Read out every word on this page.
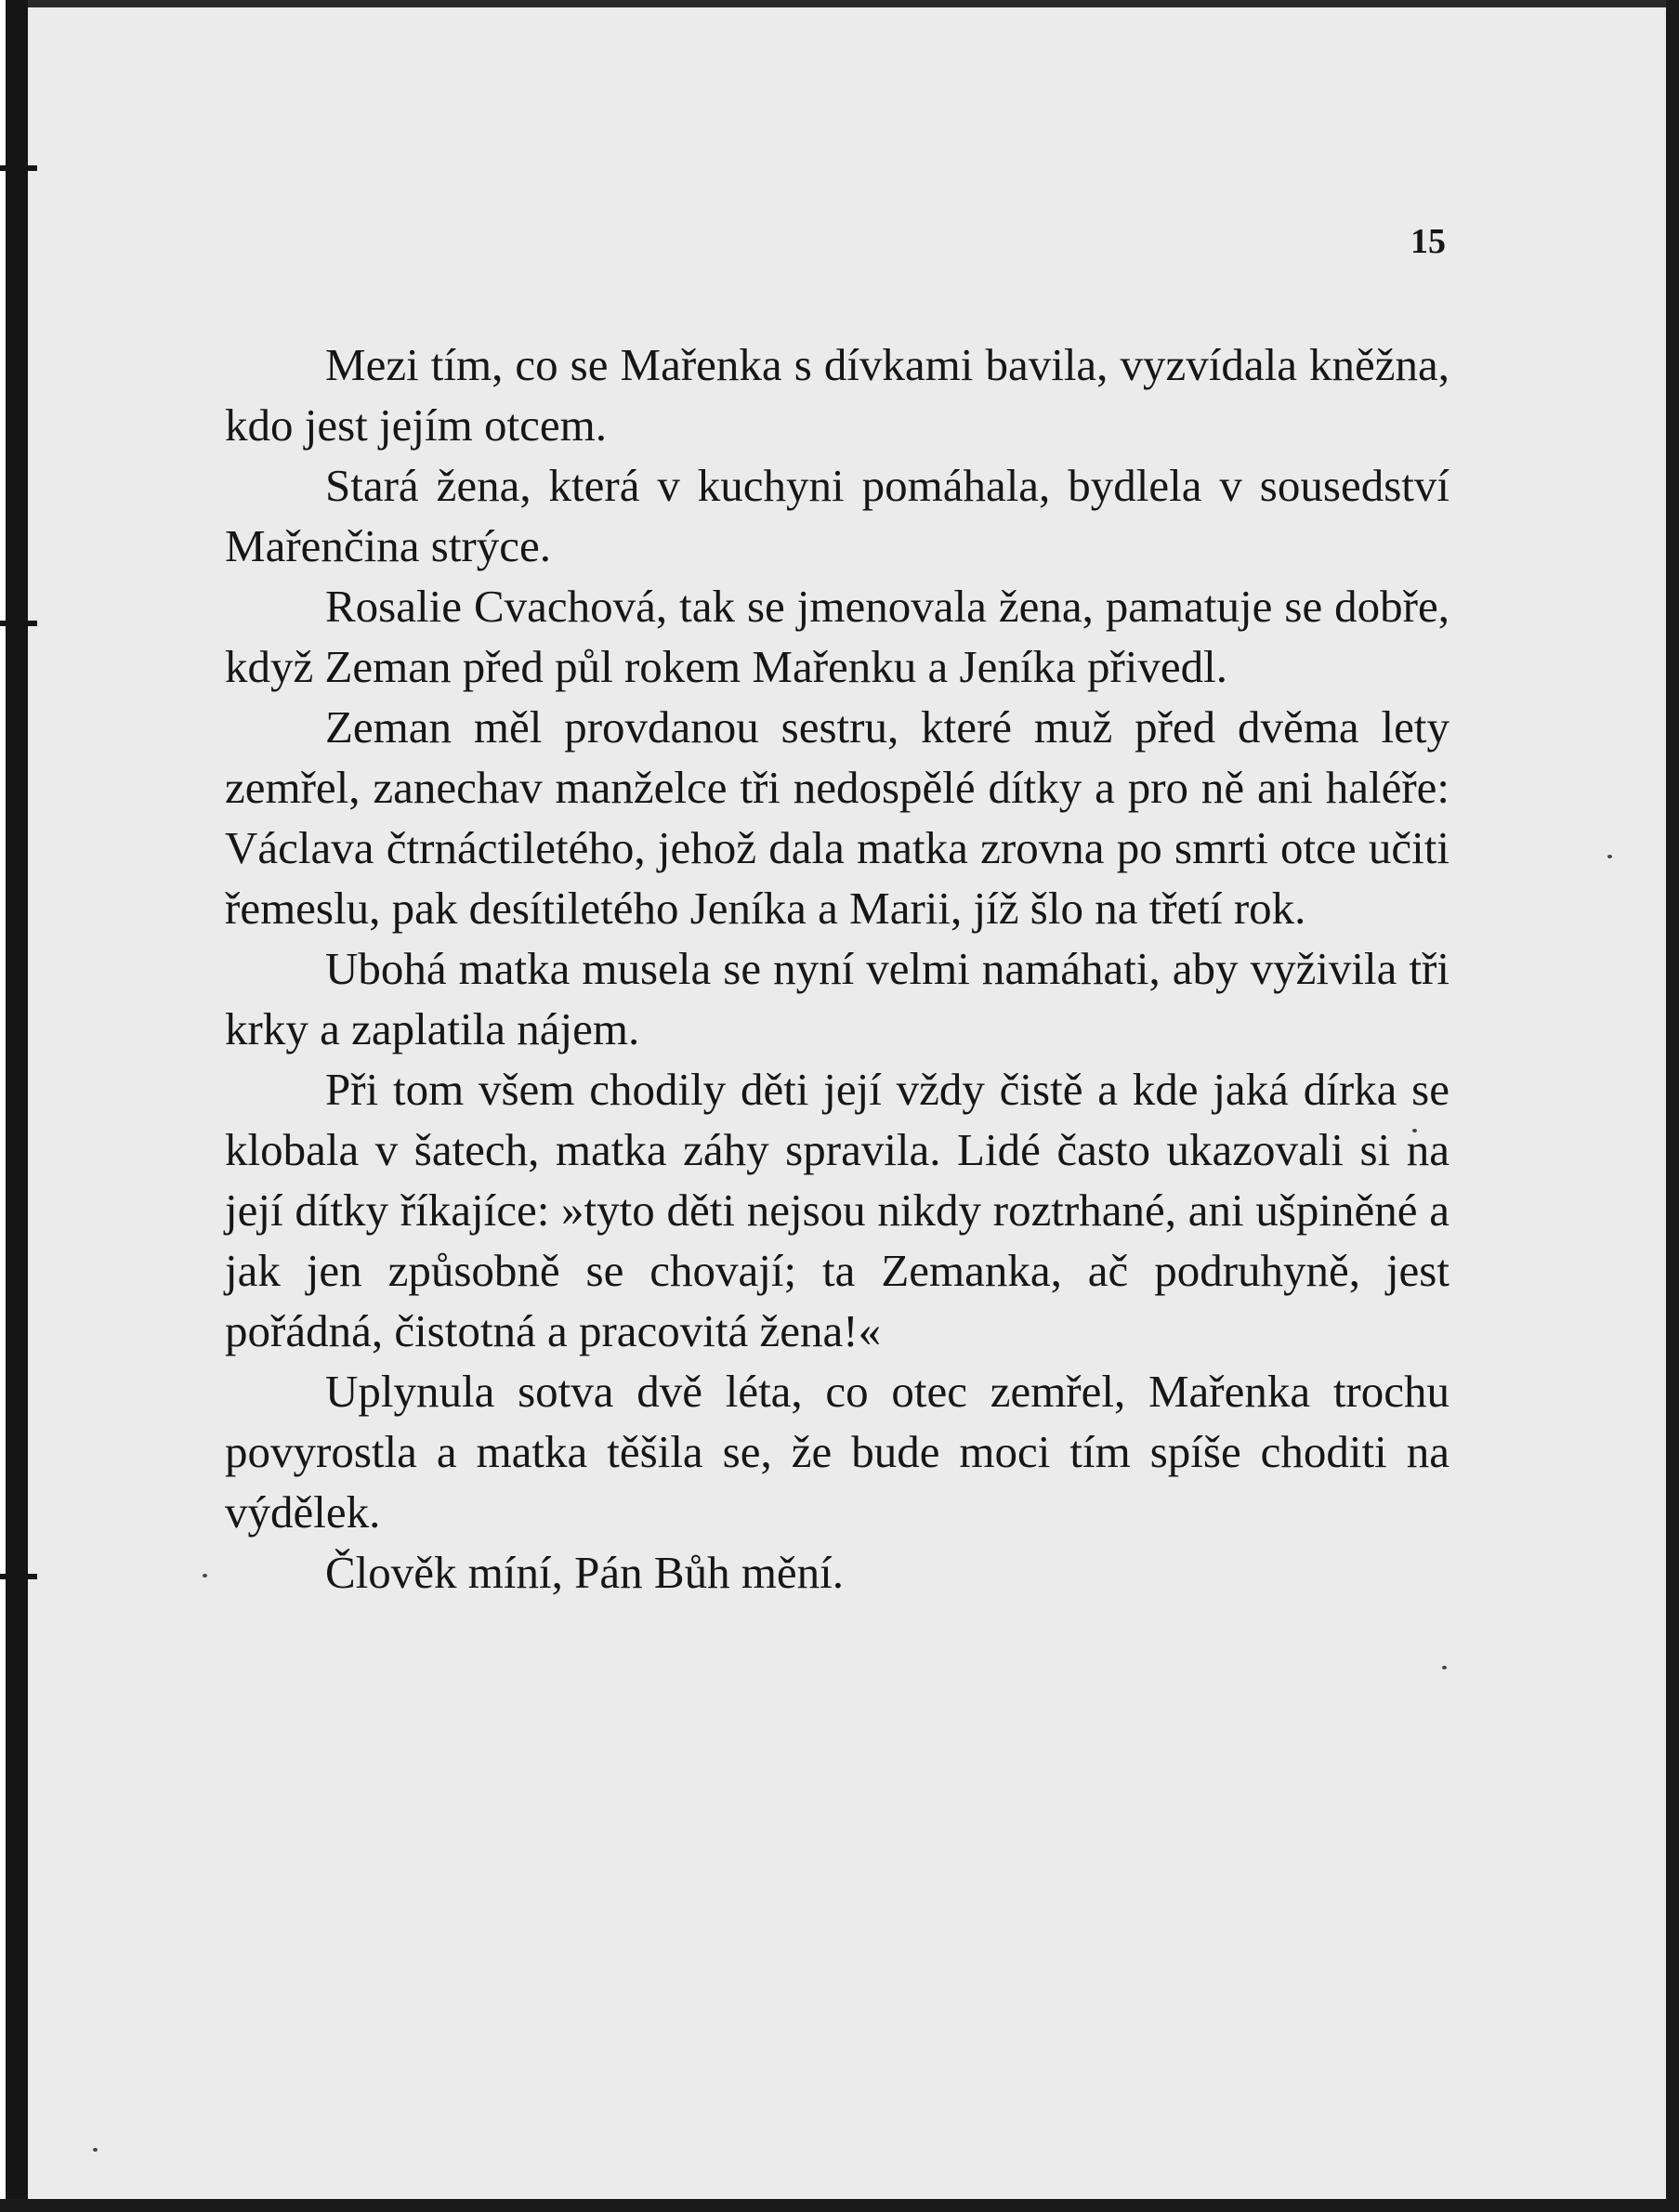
15

Mezi tím, co se Mařenka s dívkami bavila, vyzvídala kněžna, kdo jest jejím otcem.

Stará žena, která v kuchyni pomáhala, bydlela v sousedství Mařenčina strýce.

Rosalie Cvachová, tak se jmenovala žena, pamatuje se dobře, když Zeman před půl rokem Mařenku a Jeníka přivedl.

Zeman měl provdanou sestru, které muž před dvěma lety zemřel, zanechav manželce tři nedospělé dítky a pro ně ani haléře: Václava čtrnáctiletého, jehož dala matka zrovna po smrti otce učiti řemeslu, pak desítiletého Jeníka a Marii, jíž šlo na třetí rok.

Ubohá matka musela se nyní velmi namáhati, aby vyživila tři krky a zaplatila nájem.

Při tom všem chodily děti její vždy čistě a kde jaká dírka se klobala v šatech, matka záhy spravila. Lidé často ukazovali si na její dítky říkajíce: »tyto děti nejsou nikdy roztrhané, ani ušpiněné a jak jen způsobně se chovají; ta Zemanka, ač podruhyně, jest pořádná, čistotná a pracovitá žena!«

Uplynula sotva dvě léta, co otec zemřel, Mařenka trochu povyrostla a matka těšila se, že bude moci tím spíše choditi na výdělek.

Člověk míní, Pán Bůh mění.
